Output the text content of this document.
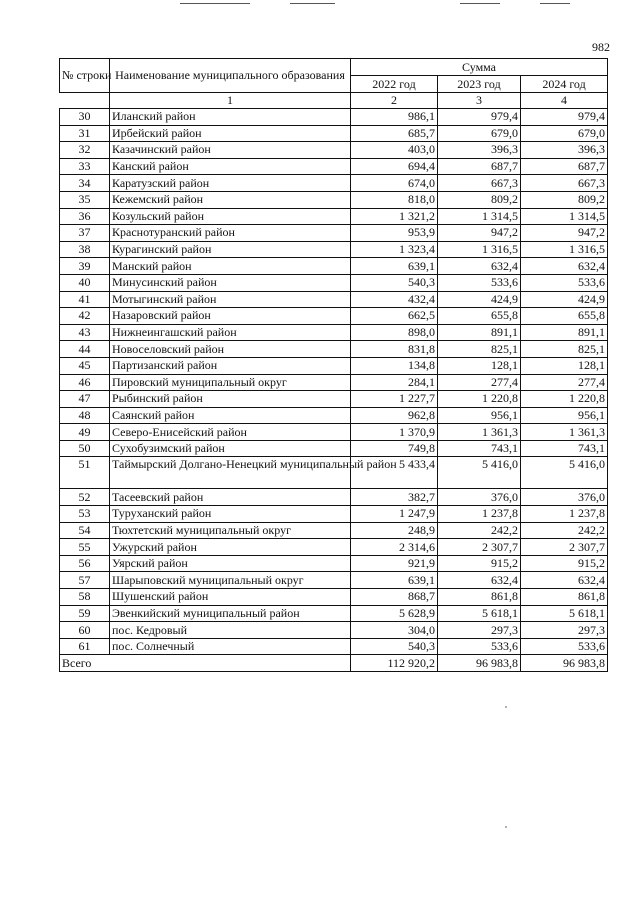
982
№ строки	Наименование муниципального образования	Сумма		
		2022 год	2023 год	2024 год
	1	2	3	4
30	Иланский район	986,1	979,4	979,4
31	Ирбейский район	685,7	679,0	679,0
32	Казачинский район	403,0	396,3	396,3
33	Канский район	694,4	687,7	687,7
34	Каратузский район	674,0	667,3	667,3
35	Кежемский район	818,0	809,2	809,2
36	Козульский район	1 321,2	1 314,5	1 314,5
37	Краснотуранский район	953,9	947,2	947,2
38	Курагинский район	1 323,4	1 316,5	1 316,5
39	Манский район	639,1	632,4	632,4
40	Минусинский район	540,3	533,6	533,6
41	Мотыгинский район	432,4	424,9	424,9
42	Назаровский район	662,5	655,8	655,8
43	Нижнеингашский район	898,0	891,1	891,1
44	Новоселовский район	831,8	825,1	825,1
45	Партизанский район	134,8	128,1	128,1
46	Пировский муниципальный округ	284,1	277,4	277,4
47	Рыбинский район	1 227,7	1 220,8	1 220,8
48	Саянский район	962,8	956,1	956,1
49	Северо-Енисейский район	1 370,9	1 361,3	1 361,3
50	Сухобузимский район	749,8	743,1	743,1
51	Таймырский Долгано-Ненецкий муниципальный район	5 433,4	5 416,0	5 416,0
52	Тасеевский район	382,7	376,0	376,0
53	Туруханский район	1 247,9	1 237,8	1 237,8
54	Тюхтетский муниципальный округ	248,9	242,2	242,2
55	Ужурский район	2 314,6	2 307,7	2 307,7
56	Уярский район	921,9	915,2	915,2
57	Шарыповский муниципальный округ	639,1	632,4	632,4
58	Шушенский район	868,7	861,8	861,8
59	Эвенкийский муниципальный район	5 628,9	5 618,1	5 618,1
60	пос. Кедровый	304,0	297,3	297,3
61	пос. Солнечный	540,3	533,6	533,6
Всего		112 920,2	96 983,8	96 983,8
